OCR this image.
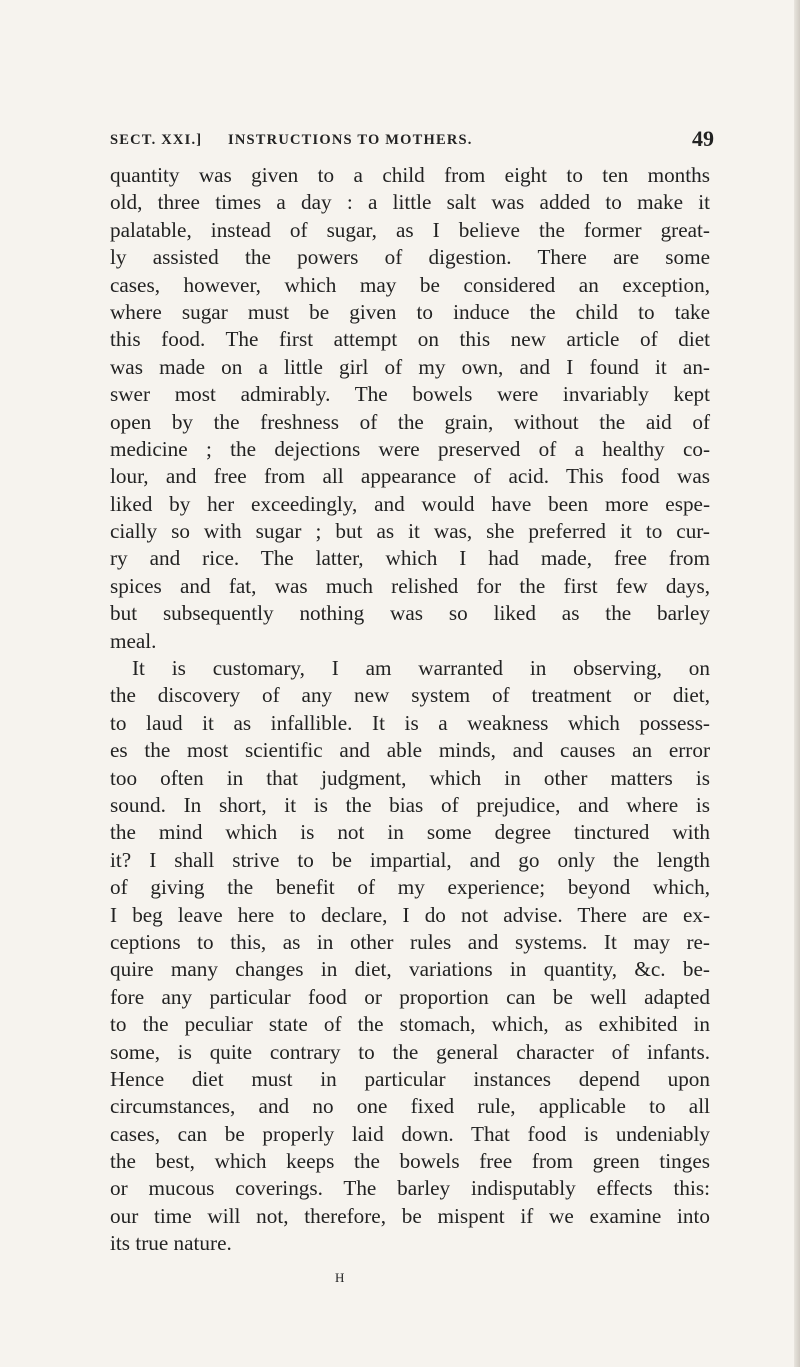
SECT. XXI.] INSTRUCTIONS TO MOTHERS.	49
quantity was given to a child from eight to ten months
old, three times a day : a little salt was added to make it
palatable, instead of sugar, as I believe the former great-
ly assisted the powers of digestion. There are some
cases, however, which may be considered an exception,
where sugar must be given to induce the child to take
this food. The first attempt on this new article of diet
was made on a little girl of my own, and I found it an-
swer most admirably. The bowels were invariably kept
open by the freshness of the grain, without the aid of
medicine ; the dejections were preserved of a healthy co-
lour, and free from all appearance of acid. This food was
liked by her exceedingly, and would have been more espe-
cially so with sugar ; but as it was, she preferred it to cur-
ry and rice. The latter, which I had made, free from
spices and fat, was much relished for the first few days,
but subsequently nothing was so liked as the barley
meal.
It is customary, I am warranted in observing, on
the discovery of any new system of treatment or diet,
to laud it as infallible. It is a weakness which possess-
es the most scientific and able minds, and causes an error
too often in that judgment, which in other matters is
sound. In short, it is the bias of prejudice, and where is
the mind which is not in some degree tinctured with
it? I shall strive to be impartial, and go only the length
of giving the benefit of my experience; beyond which,
I beg leave here to declare, I do not advise. There are ex-
ceptions to this, as in other rules and systems. It may re-
quire many changes in diet, variations in quantity, &c. be-
fore any particular food or proportion can be well adapted
to the peculiar state of the stomach, which, as exhibited in
some, is quite contrary to the general character of infants.
Hence diet must in particular instances depend upon
circumstances, and no one fixed rule, applicable to all
cases, can be properly laid down. That food is undeniably
the best, which keeps the bowels free from green tinges
or mucous coverings. The barley indisputably effects this:
our time will not, therefore, be mispent if we examine into
its true nature.
H
